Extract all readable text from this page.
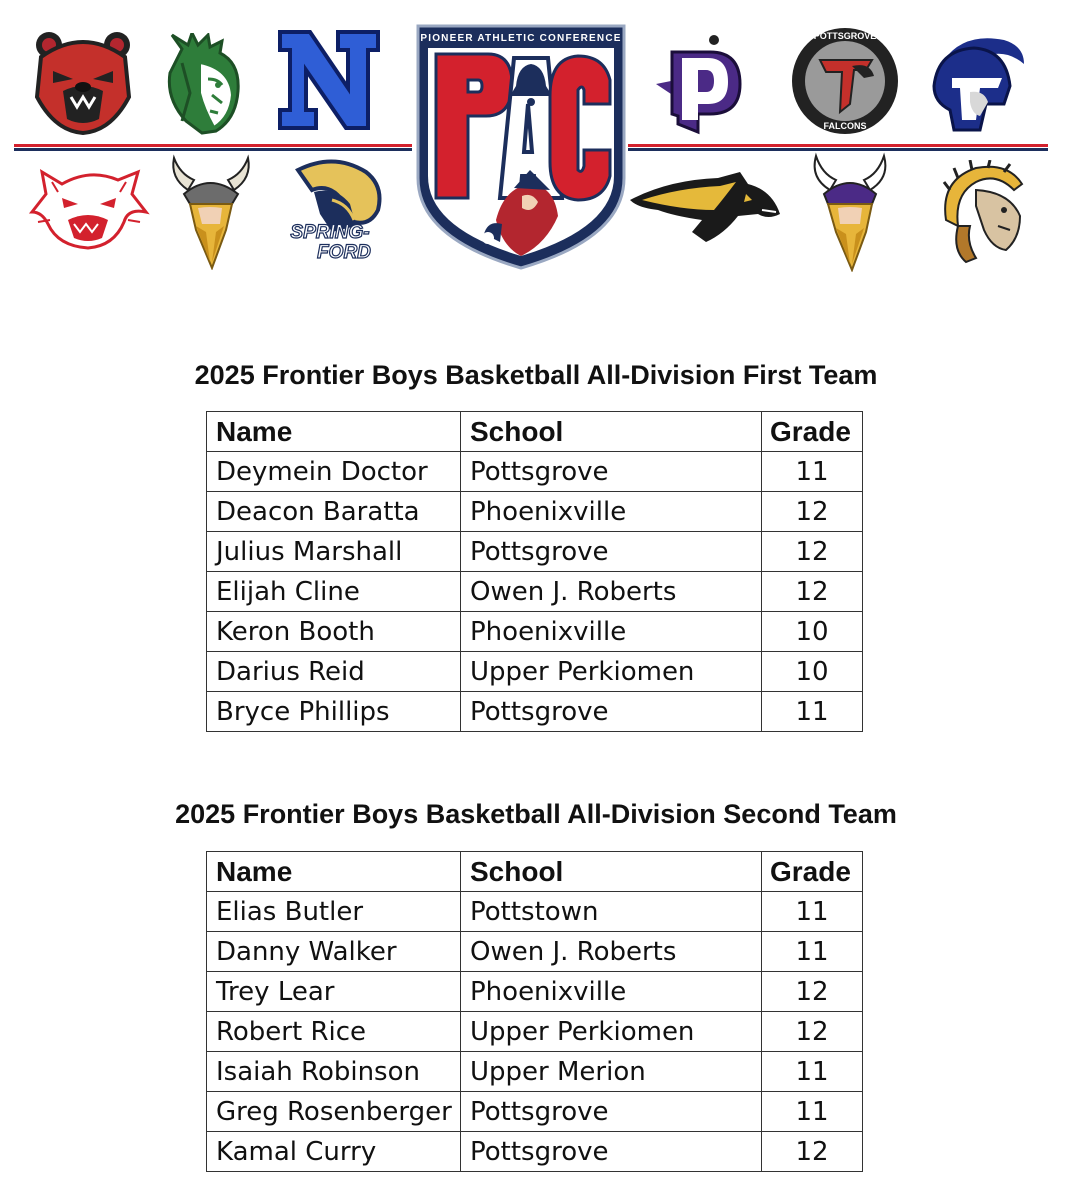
PIONEER ATHLETIC CONFERENCE	POTTSGROVE
FALCONS
SPRING-
FORD
2025 Frontier Boys Basketball All-Division First Team
Name	School	Grade
Deymein Doctor	Pottsgrove	11
Deacon Baratta	Phoenixville	12
Julius Marshall	Pottsgrove	12
Elijah Cline	Owen J. Roberts	12
Keron Booth	Phoenixville	10
Darius Reid	Upper Perkiomen	10
Bryce Phillips	Pottsgrove	11
2025 Frontier Boys Basketball All-Division Second Team
Name	School	Grade
Elias Butler	Pottstown	11
Danny Walker	Owen J. Roberts	11
Trey Lear	Phoenixville	12
Robert Rice	Upper Perkiomen	12
Isaiah Robinson	Upper Merion	11
Greg Rosenberger	Pottsgrove	11
Kamal Curry	Pottsgrove	12
